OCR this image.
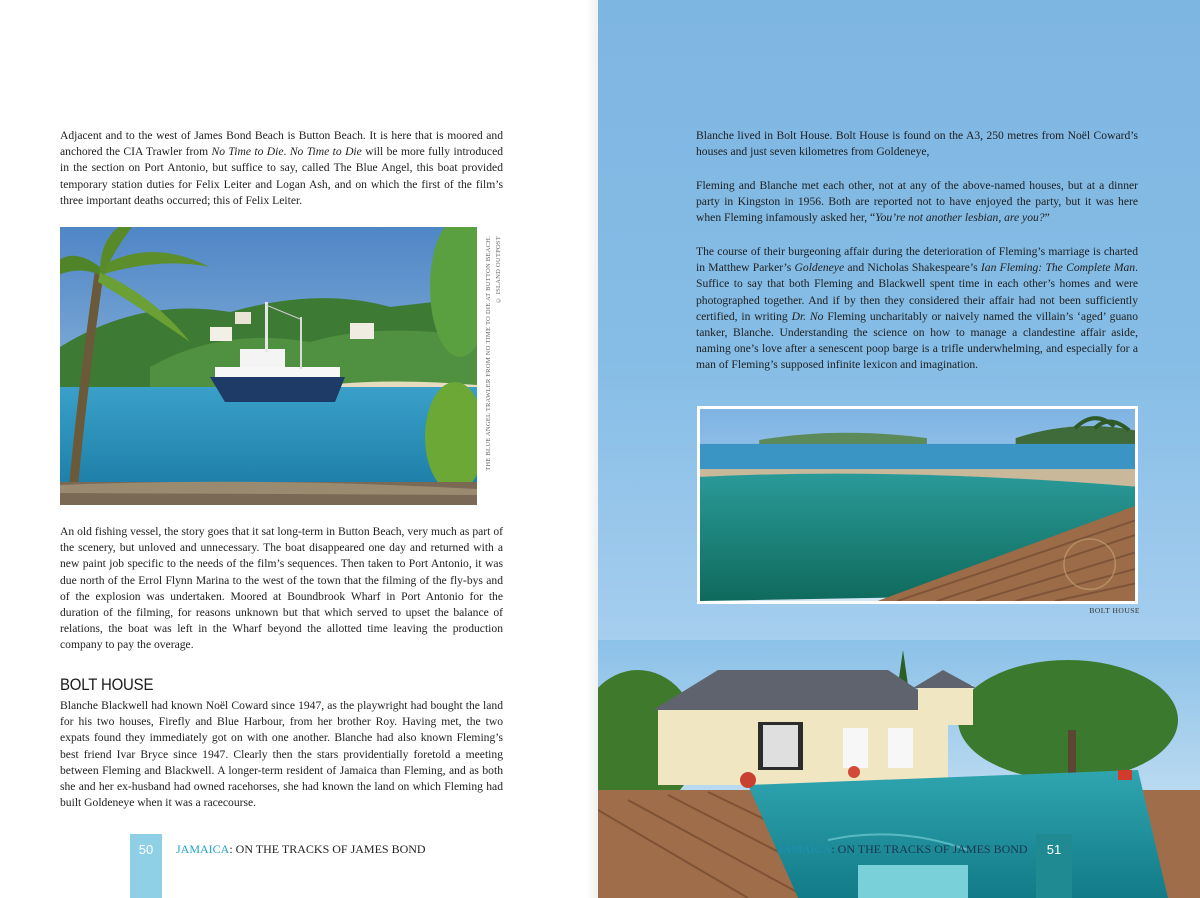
Adjacent and to the west of James Bond Beach is Button Beach. It is here that is moored and anchored the CIA Trawler from No Time to Die. No Time to Die will be more fully introduced in the section on Port Antonio, but suffice to say, called The Blue Angel, this boat provided temporary station duties for Felix Leiter and Logan Ash, and on which the first of the film’s three important deaths occurred; this of Felix Leiter.

THE BLUE ANGEL TRAWLER FROM NO TIME TO DIE AT BUTTON BEACH. © ISLAND OUTPOST

An old fishing vessel, the story goes that it sat long-term in Button Beach, very much as part of the scenery, but unloved and unnecessary. The boat disappeared one day and returned with a new paint job specific to the needs of the film’s sequences. Then taken to Port Antonio, it was due north of the Errol Flynn Marina to the west of the town that the filming of the fly-bys and of the explosion was undertaken. Moored at Boundbrook Wharf in Port Antonio for the duration of the filming, for reasons unknown but that which served to upset the balance of relations, the boat was left in the Wharf beyond the allotted time leaving the production company to pay the overage.

BOLT HOUSE

Blanche Blackwell had known Noël Coward since 1947, as the playwright had bought the land for his two houses, Firefly and Blue Harbour, from her brother Roy. Having met, the two expats found they immediately got on with one another. Blanche had also known Fleming’s best friend Ivar Bryce since 1947. Clearly then the stars providentially foretold a meeting between Fleming and Blackwell. A longer-term resident of Jamaica than Fleming, and as both she and her ex-husband had owned racehorses, she had known the land on which Fleming had built Goldeneye when it was a racecourse.

50	JAMAICA: ON THE TRACKS OF JAMES BOND

Blanche lived in Bolt House. Bolt House is found on the A3, 250 metres from Noël Coward’s houses and just seven kilometres from Goldeneye,

Fleming and Blanche met each other, not at any of the above-named houses, but at a dinner party in Kingston in 1956. Both are reported not to have enjoyed the party, but it was here when Fleming infamously asked her, “You’re not another lesbian, are you?”

The course of their burgeoning affair during the deterioration of Fleming’s marriage is charted in Matthew Parker’s Goldeneye and Nicholas Shakespeare’s Ian Fleming: The Complete Man. Suffice to say that both Fleming and Blackwell spent time in each other’s homes and were photographed together. And if by then they considered their affair had not been sufficiently certified, in writing Dr. No Fleming uncharitably or naively named the villain’s ‘aged’ guano tanker, Blanche. Understanding the science on how to manage a clandestine affair aside, naming one’s love after a senescent poop barge is a trifle underwhelming, and especially for a man of Fleming’s supposed infinite lexicon and imagination.

BOLT HOUSE
JAMAICA: ON THE TRACKS OF JAMES BOND	51
